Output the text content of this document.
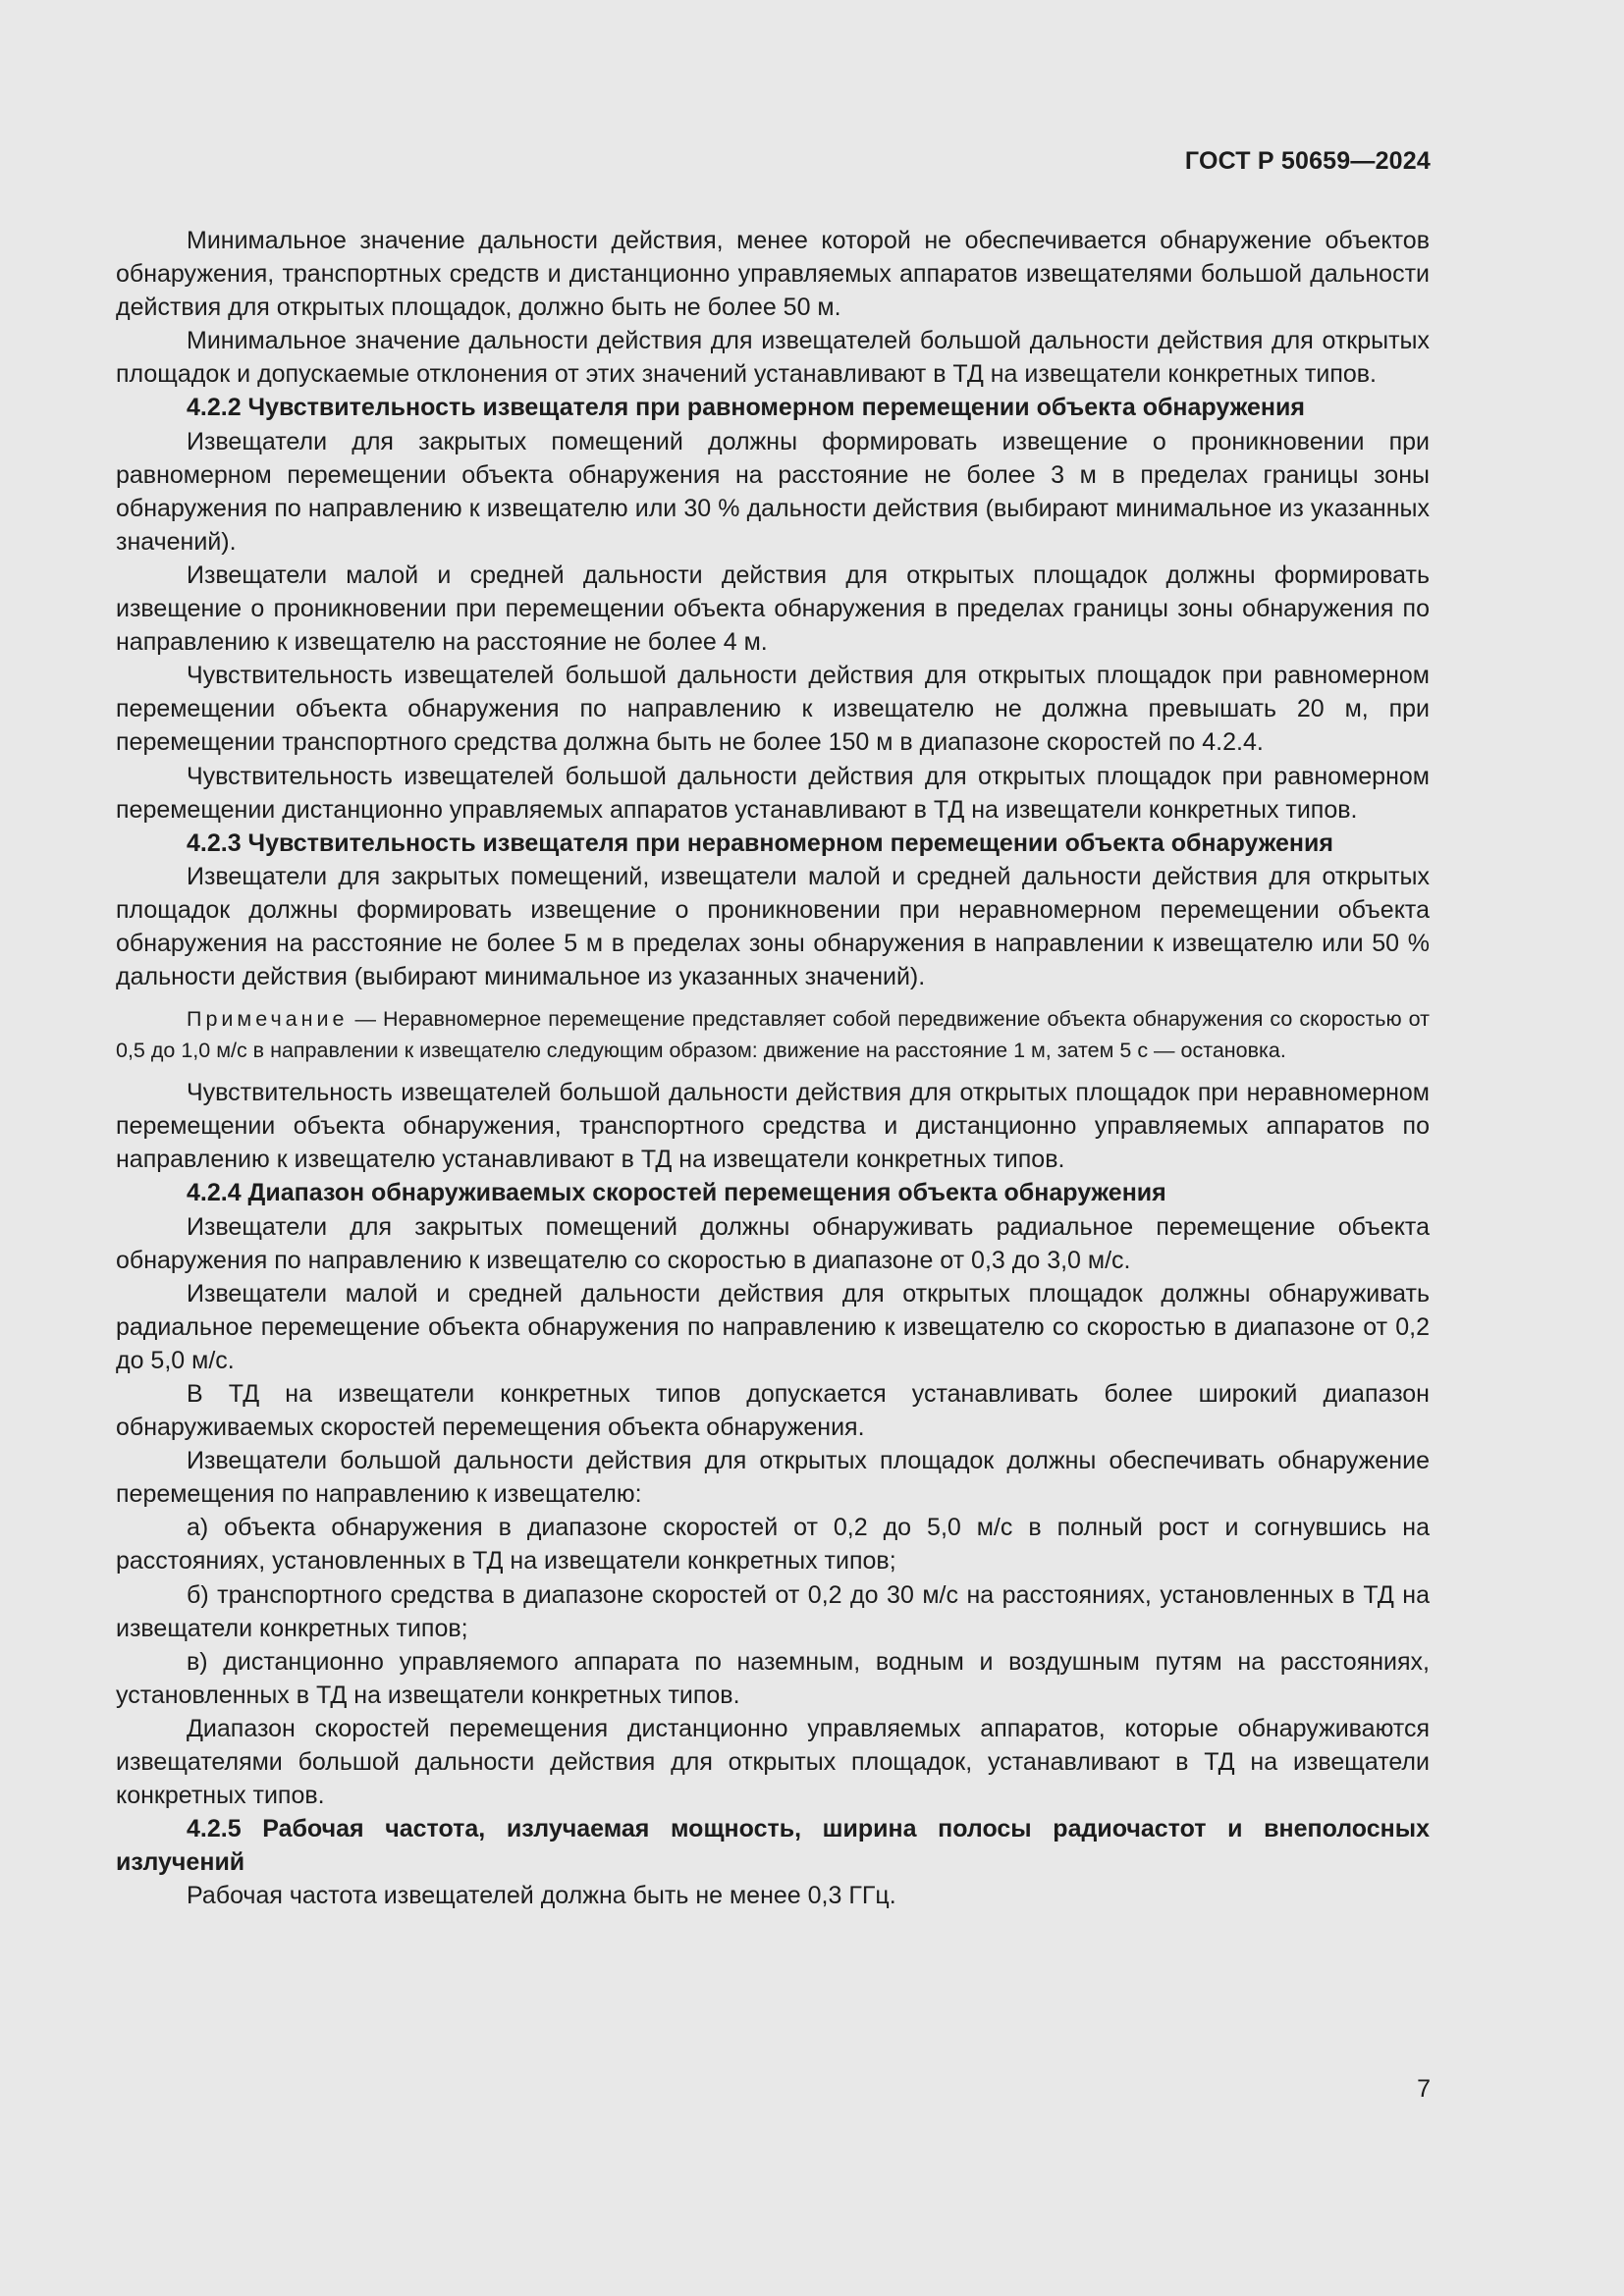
ГОСТ Р 50659—2024

Минимальное значение дальности действия, менее которой не обеспечивается обнаружение объектов обнаружения, транспортных средств и дистанционно управляемых аппаратов извещателями большой дальности действия для открытых площадок, должно быть не более 50 м.

Минимальное значение дальности действия для извещателей большой дальности действия для открытых площадок и допускаемые отклонения от этих значений устанавливают в ТД на извещатели конкретных типов.

4.2.2 Чувствительность извещателя при равномерном перемещении объекта обнаружения

Извещатели для закрытых помещений должны формировать извещение о проникновении при равномерном перемещении объекта обнаружения на расстояние не более 3 м в пределах границы зоны обнаружения по направлению к извещателю или 30 % дальности действия (выбирают минимальное из указанных значений).

Извещатели малой и средней дальности действия для открытых площадок должны формировать извещение о проникновении при перемещении объекта обнаружения в пределах границы зоны обнаружения по направлению к извещателю на расстояние не более 4 м.

Чувствительность извещателей большой дальности действия для открытых площадок при равномерном перемещении объекта обнаружения по направлению к извещателю не должна превышать 20 м, при перемещении транспортного средства должна быть не более 150 м в диапазоне скоростей по 4.2.4.

Чувствительность извещателей большой дальности действия для открытых площадок при равномерном перемещении дистанционно управляемых аппаратов устанавливают в ТД на извещатели конкретных типов.

4.2.3 Чувствительность извещателя при неравномерном перемещении объекта обнаружения

Извещатели для закрытых помещений, извещатели малой и средней дальности действия для открытых площадок должны формировать извещение о проникновении при неравномерном перемещении объекта обнаружения на расстояние не более 5 м в пределах зоны обнаружения в направлении к извещателю или 50 % дальности действия (выбирают минимальное из указанных значений).

Примечание — Неравномерное перемещение представляет собой передвижение объекта обнаружения со скоростью от 0,5 до 1,0 м/с в направлении к извещателю следующим образом: движение на расстояние 1 м, затем 5 с — остановка.

Чувствительность извещателей большой дальности действия для открытых площадок при неравномерном перемещении объекта обнаружения, транспортного средства и дистанционно управляемых аппаратов по направлению к извещателю устанавливают в ТД на извещатели конкретных типов.

4.2.4 Диапазон обнаруживаемых скоростей перемещения объекта обнаружения

Извещатели для закрытых помещений должны обнаруживать радиальное перемещение объекта обнаружения по направлению к извещателю со скоростью в диапазоне от 0,3 до 3,0 м/с.

Извещатели малой и средней дальности действия для открытых площадок должны обнаруживать радиальное перемещение объекта обнаружения по направлению к извещателю со скоростью в диапазоне от 0,2 до 5,0 м/с.

В ТД на извещатели конкретных типов допускается устанавливать более широкий диапазон обнаруживаемых скоростей перемещения объекта обнаружения.

Извещатели большой дальности действия для открытых площадок должны обеспечивать обнаружение перемещения по направлению к извещателю:

а) объекта обнаружения в диапазоне скоростей от 0,2 до 5,0 м/с в полный рост и согнувшись на расстояниях, установленных в ТД на извещатели конкретных типов;

б) транспортного средства в диапазоне скоростей от 0,2 до 30 м/с на расстояниях, установленных в ТД на извещатели конкретных типов;

в) дистанционно управляемого аппарата по наземным, водным и воздушным путям на расстояниях, установленных в ТД на извещатели конкретных типов.

Диапазон скоростей перемещения дистанционно управляемых аппаратов, которые обнаруживаются извещателями большой дальности действия для открытых площадок, устанавливают в ТД на извещатели конкретных типов.

4.2.5 Рабочая частота, излучаемая мощность, ширина полосы радиочастот и внеполосных излучений

Рабочая частота извещателей должна быть не менее 0,3 ГГц.

7
